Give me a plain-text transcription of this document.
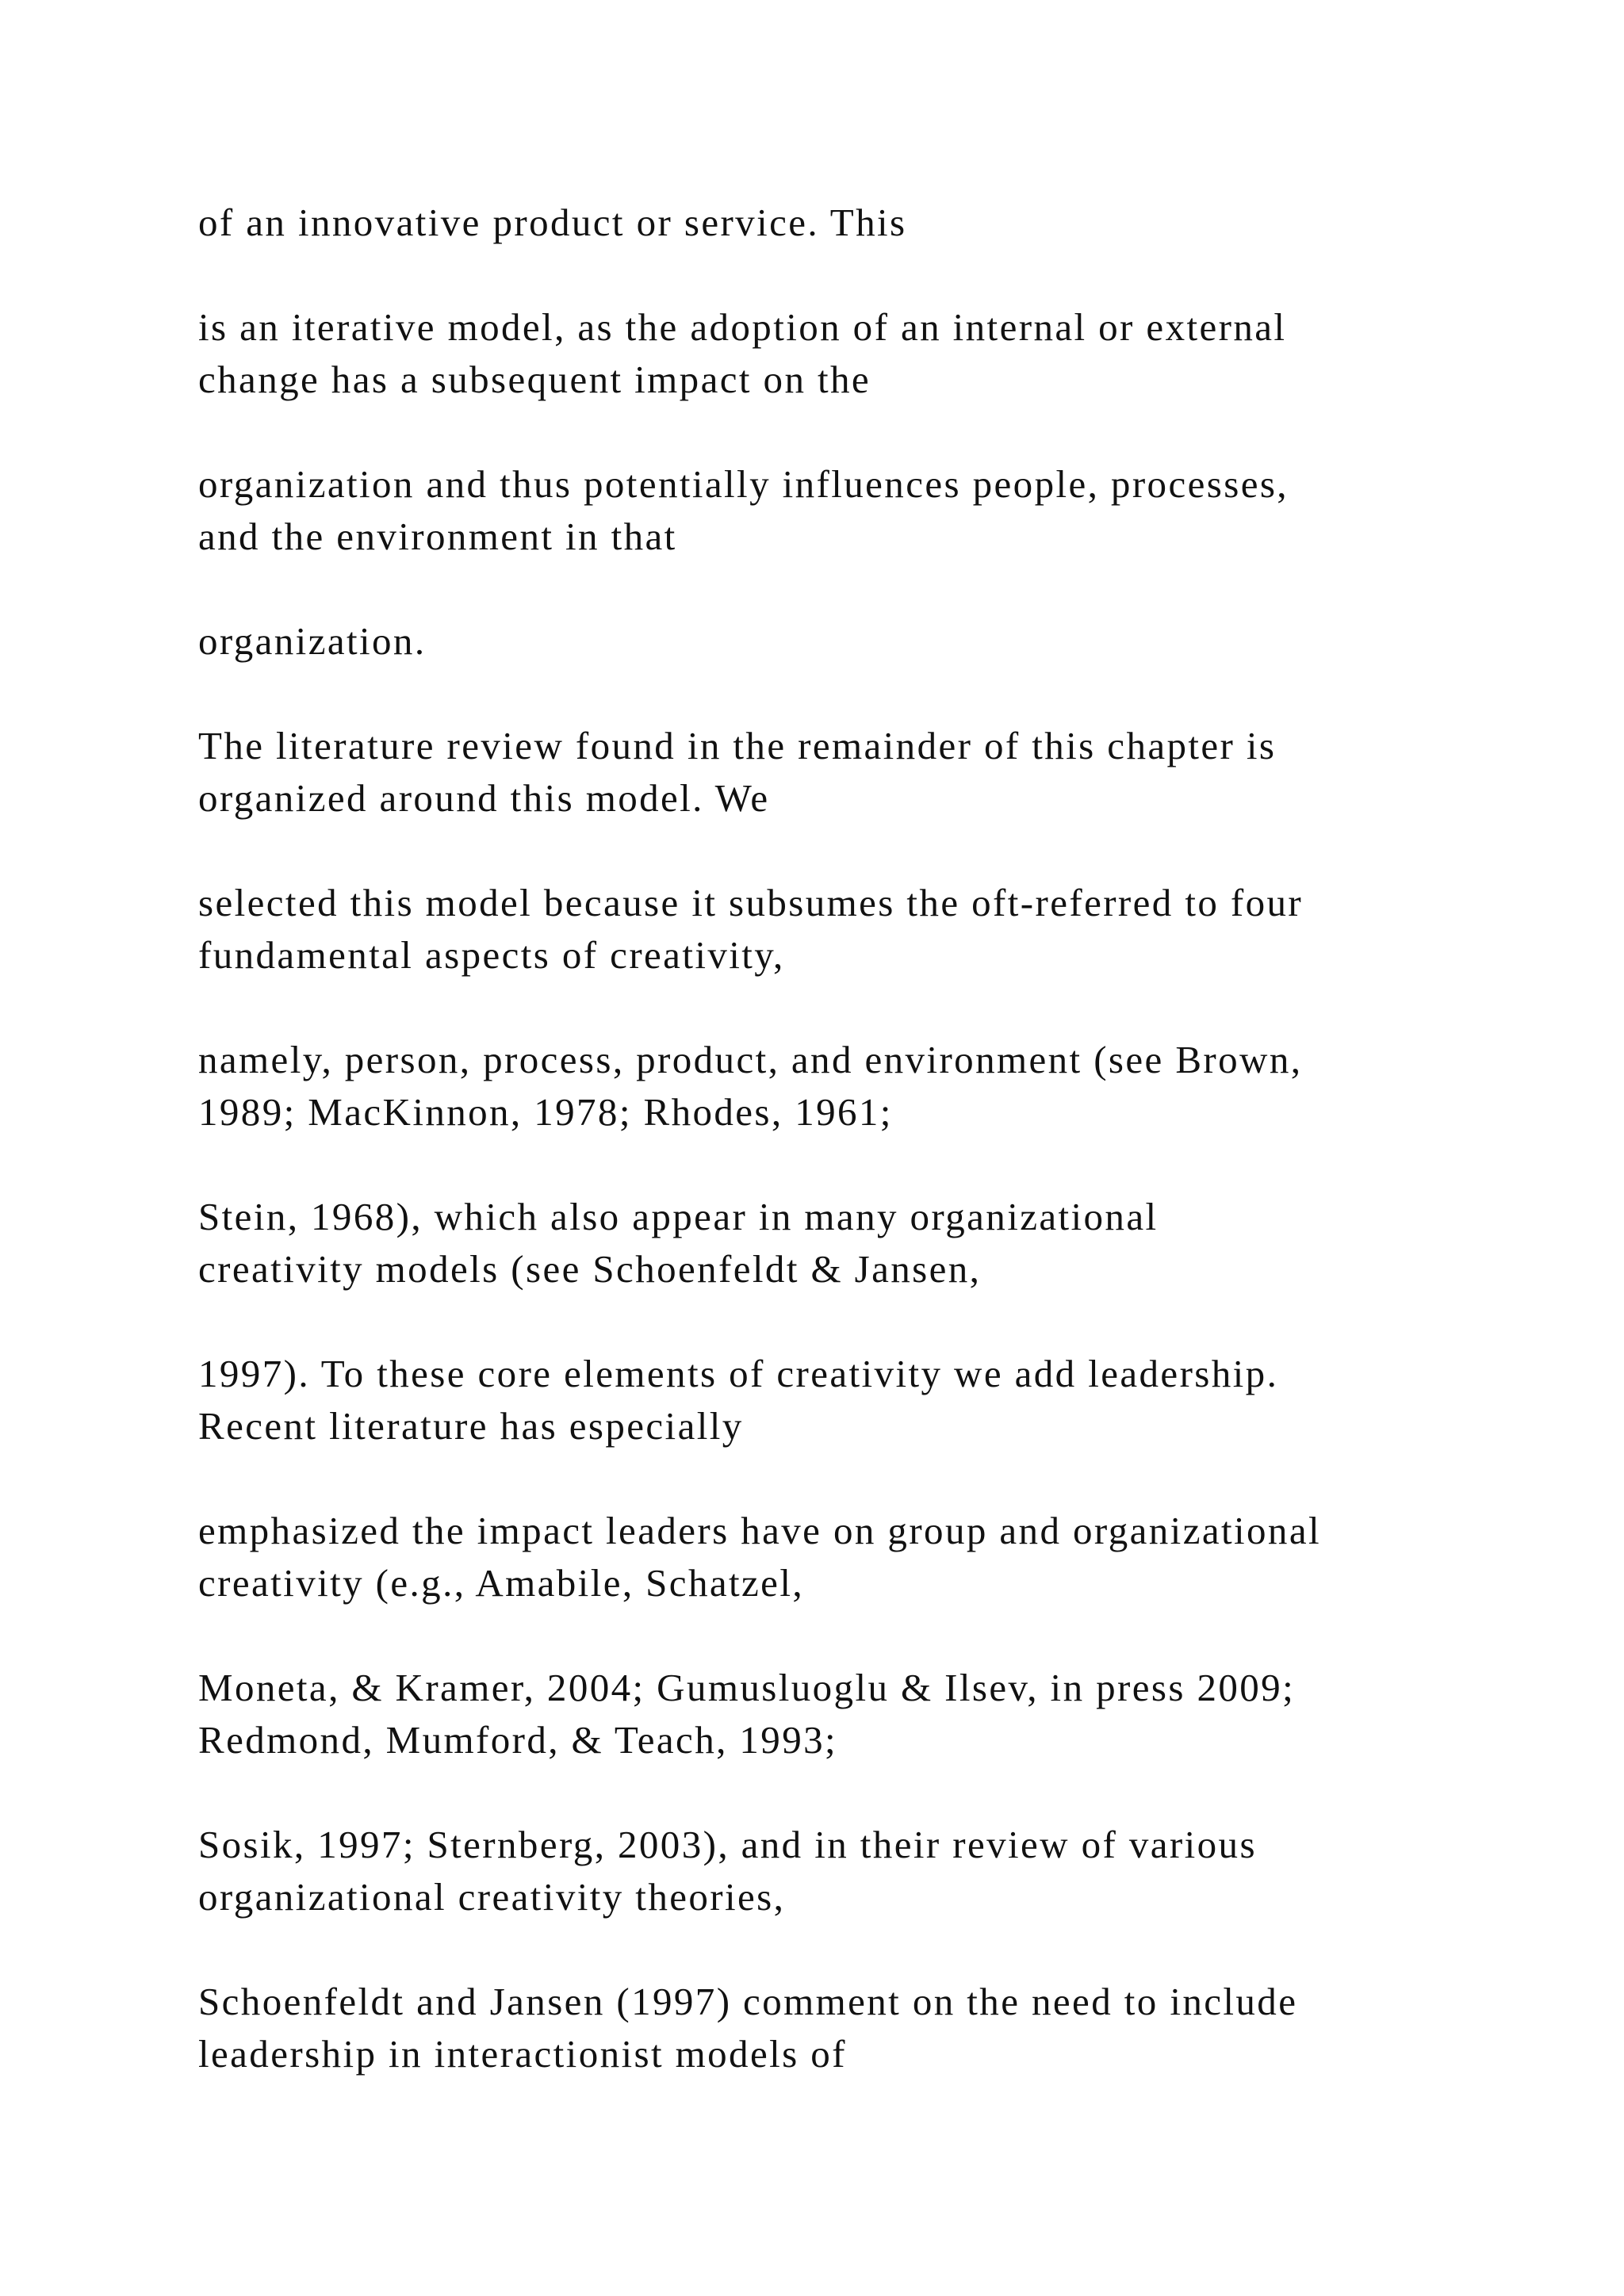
of an innovative product or service. This

is an iterative model, as the adoption of an internal or external
change has a subsequent impact on the

organization and thus potentially influences people, processes,
and the environment in that

organization.

The literature review found in the remainder of this chapter is
organized around this model. We

selected this model because it subsumes the oft-referred to four
fundamental aspects of creativity,

namely, person, process, product, and environment (see Brown,
1989; MacKinnon, 1978; Rhodes, 1961;

Stein, 1968), which also appear in many organizational
creativity models (see Schoenfeldt & Jansen,

1997). To these core elements of creativity we add leadership.
Recent literature has especially

emphasized the impact leaders have on group and organizational
creativity (e.g., Amabile, Schatzel,

Moneta, & Kramer, 2004; Gumusluoglu & Ilsev, in press 2009;
Redmond, Mumford, & Teach, 1993;

Sosik, 1997; Sternberg, 2003), and in their review of various
organizational creativity theories,

Schoenfeldt and Jansen (1997) comment on the need to include
leadership in interactionist models of
